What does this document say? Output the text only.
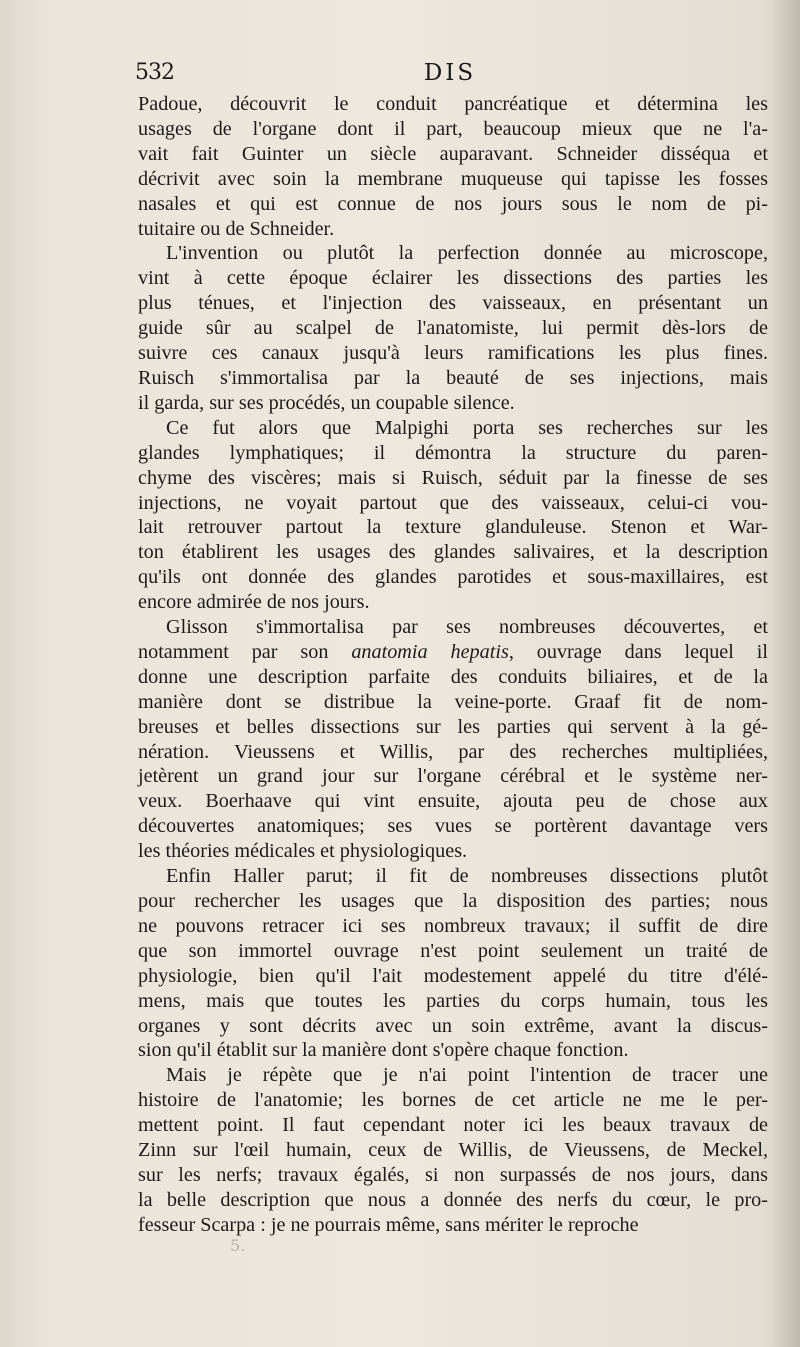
532	DIS
Padoue, découvrit le conduit pancréatique et détermina les
usages de l'organe dont il part, beaucoup mieux que ne l'a-
vait fait Guinter un siècle auparavant. Schneider disséqua et
décrivit avec soin la membrane muqueuse qui tapisse les fosses
nasales et qui est connue de nos jours sous le nom de pi-
tuitaire ou de Schneider.
L'invention ou plutôt la perfection donnée au microscope,
vint à cette époque éclairer les dissections des parties les
plus ténues, et l'injection des vaisseaux, en présentant un
guide sûr au scalpel de l'anatomiste, lui permit dès-lors de
suivre ces canaux jusqu'à leurs ramifications les plus fines.
Ruisch s'immortalisa par la beauté de ses injections, mais
il garda, sur ses procédés, un coupable silence.
Ce fut alors que Malpighi porta ses recherches sur les
glandes lymphatiques; il démontra la structure du paren-
chyme des viscères; mais si Ruisch, séduit par la finesse de ses
injections, ne voyait partout que des vaisseaux, celui-ci vou-
lait retrouver partout la texture glanduleuse. Stenon et War-
ton établirent les usages des glandes salivaires, et la description
qu'ils ont donnée des glandes parotides et sous-maxillaires, est
encore admirée de nos jours.
Glisson s'immortalisa par ses nombreuses découvertes, et
notamment par son anatomia hepatis, ouvrage dans lequel il
donne une description parfaite des conduits biliaires, et de la
manière dont se distribue la veine-porte. Graaf fit de nom-
breuses et belles dissections sur les parties qui servent à la gé-
nération. Vieussens et Willis, par des recherches multipliées,
jetèrent un grand jour sur l'organe cérébral et le système ner-
veux. Boerhaave qui vint ensuite, ajouta peu de chose aux
découvertes anatomiques; ses vues se portèrent davantage vers
les théories médicales et physiologiques.
Enfin Haller parut; il fit de nombreuses dissections plutôt
pour rechercher les usages que la disposition des parties; nous
ne pouvons retracer ici ses nombreux travaux; il suffit de dire
que son immortel ouvrage n'est point seulement un traité de
physiologie, bien qu'il l'ait modestement appelé du titre d'élé-
mens, mais que toutes les parties du corps humain, tous les
organes y sont décrits avec un soin extrême, avant la discus-
sion qu'il établit sur la manière dont s'opère chaque fonction.
Mais je répète que je n'ai point l'intention de tracer une
histoire de l'anatomie; les bornes de cet article ne me le per-
mettent point. Il faut cependant noter ici les beaux travaux de
Zinn sur l'œil humain, ceux de Willis, de Vieussens, de Meckel,
sur les nerfs; travaux égalés, si non surpassés de nos jours, dans
la belle description que nous a donnée des nerfs du cœur, le pro-
fesseur Scarpa : je ne pourrais même, sans mériter le reproche
5.
